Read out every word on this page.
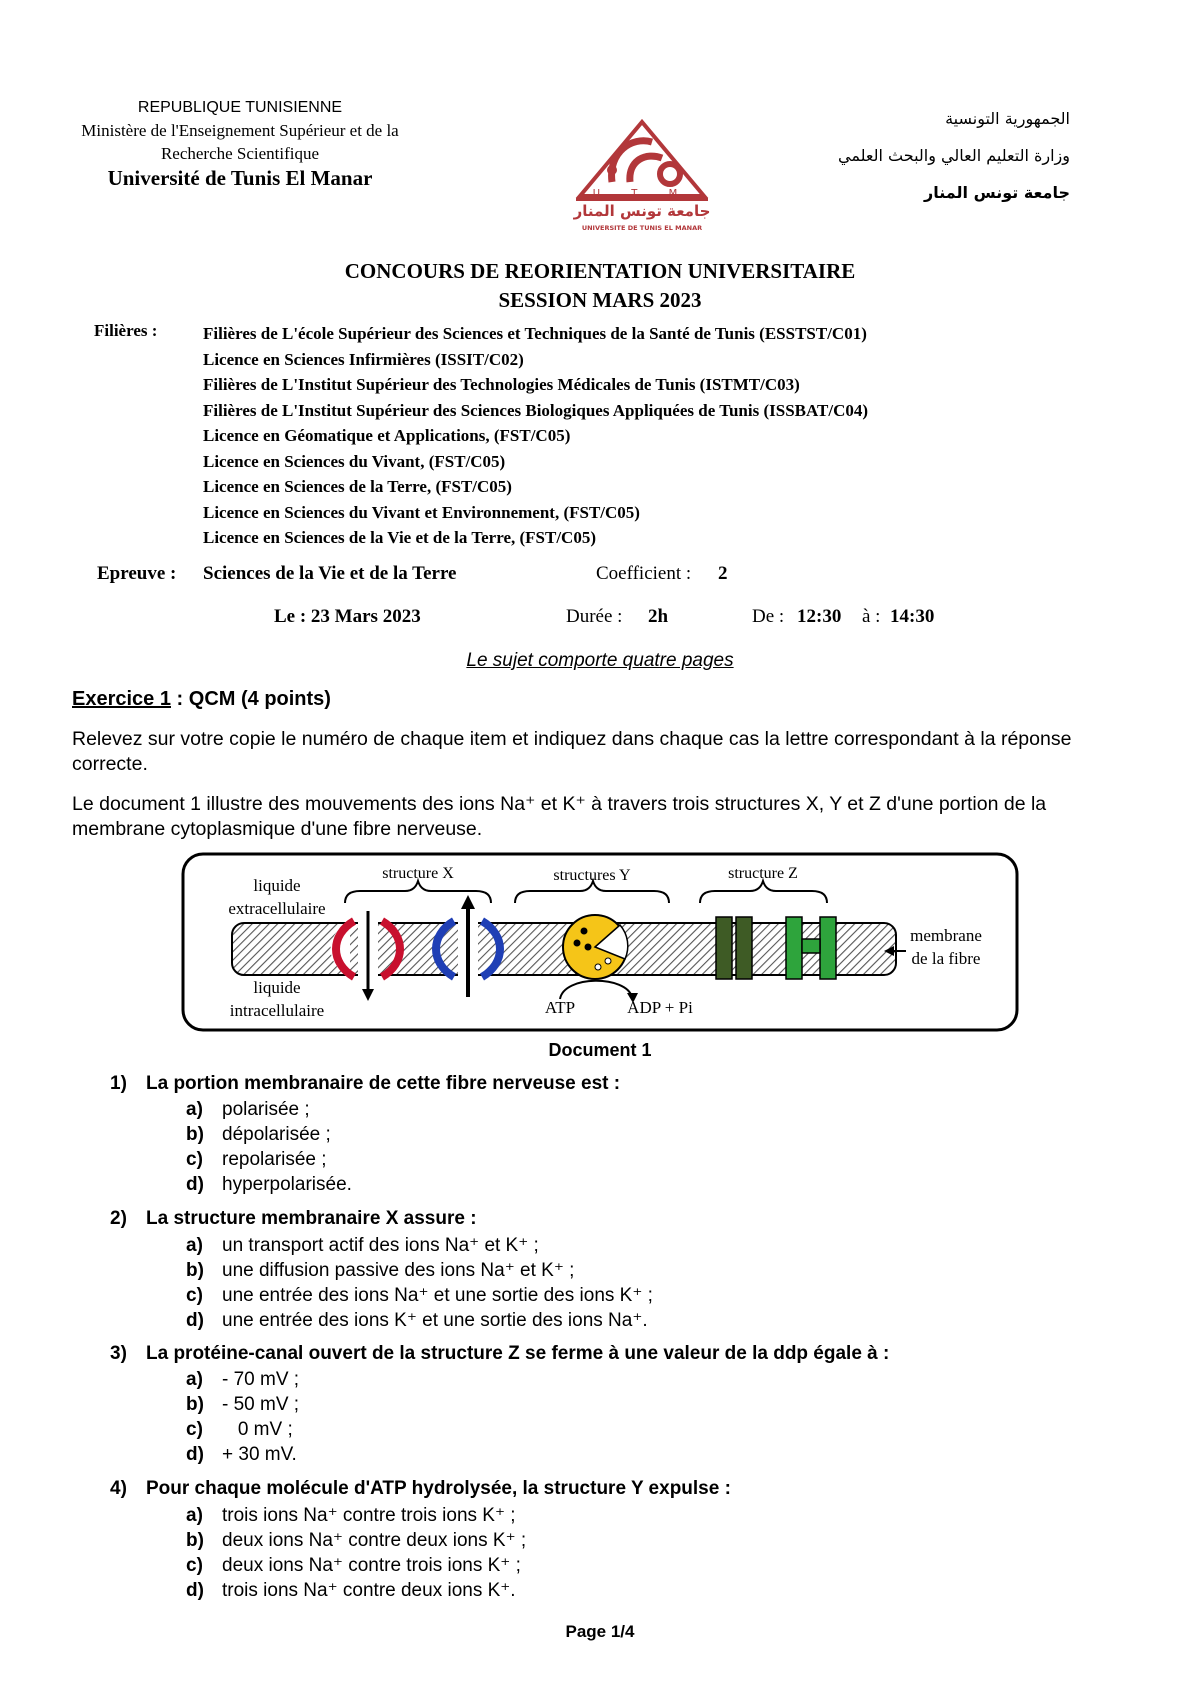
REPUBLIQUE TUNISIENNE
Ministère de l'Enseignement Supérieur et de la
Recherche Scientifique
Université de Tunis El Manar
U T M
جامعة تونس المنار
UNIVERSITE DE TUNIS EL MANAR
الجمهورية التونسية
وزارة التعليم العالي والبحث العلمي
جامعة تونس المنار
CONCOURS DE REORIENTATION UNIVERSITAIRE
SESSION MARS 2023
Filières :	Filières de L'école Supérieur des Sciences et Techniques de la Santé de Tunis (ESSTST/C01)
Licence en Sciences Infirmières (ISSIT/C02)
Filières de L'Institut Supérieur des Technologies Médicales de Tunis (ISTMT/C03)
Filières de L'Institut Supérieur des Sciences Biologiques Appliquées de Tunis (ISSBAT/C04)
Licence en Géomatique et Applications, (FST/C05)
Licence en Sciences du Vivant, (FST/C05)
Licence en Sciences de la Terre, (FST/C05)
Licence en Sciences du Vivant et Environnement, (FST/C05)
Licence en Sciences de la Vie et de la Terre, (FST/C05)
Epreuve : Sciences de la Vie et de la Terre	Coefficient : 2
Le : 23 Mars 2023	Durée : 2h	De : 12:30 à : 14:30
Le sujet comporte quatre pages
Exercice 1 : QCM (4 points)
Relevez sur votre copie le numéro de chaque item et indiquez dans chaque cas la lettre correspondant à la réponse correcte.
Le document 1 illustre des mouvements des ions Na⁺ et K⁺ à travers trois structures X, Y et Z d'une portion de la membrane cytoplasmique d'une fibre nerveuse.
structure X	structures Y
ATP	ADP + Pi
structure Z
liquide
extracellulaire
liquide
intracellulaire
membrane
de la fibre
Document 1
1) La portion membranaire de cette fibre nerveuse est :
a) polarisée ;
b) dépolarisée ;
c) repolarisée ;
d) hyperpolarisée.
2) La structure membranaire X assure :
a) un transport actif des ions Na⁺ et K⁺ ;
b) une diffusion passive des ions Na⁺ et K⁺ ;
c) une entrée des ions Na⁺ et une sortie des ions K⁺ ;
d) une entrée des ions K⁺ et une sortie des ions Na⁺.
3) La protéine-canal ouvert de la structure Z se ferme à une valeur de la ddp égale à :
a) - 70 mV ;
b) - 50 mV ;
c)   0 mV ;
d) + 30 mV.
4) Pour chaque molécule d'ATP hydrolysée, la structure Y expulse :
a) trois ions Na⁺ contre trois ions K⁺ ;
b) deux ions Na⁺ contre deux ions K⁺ ;
c) deux ions Na⁺ contre trois ions K⁺ ;
d) trois ions Na⁺ contre deux ions K⁺.
Page 1/4
